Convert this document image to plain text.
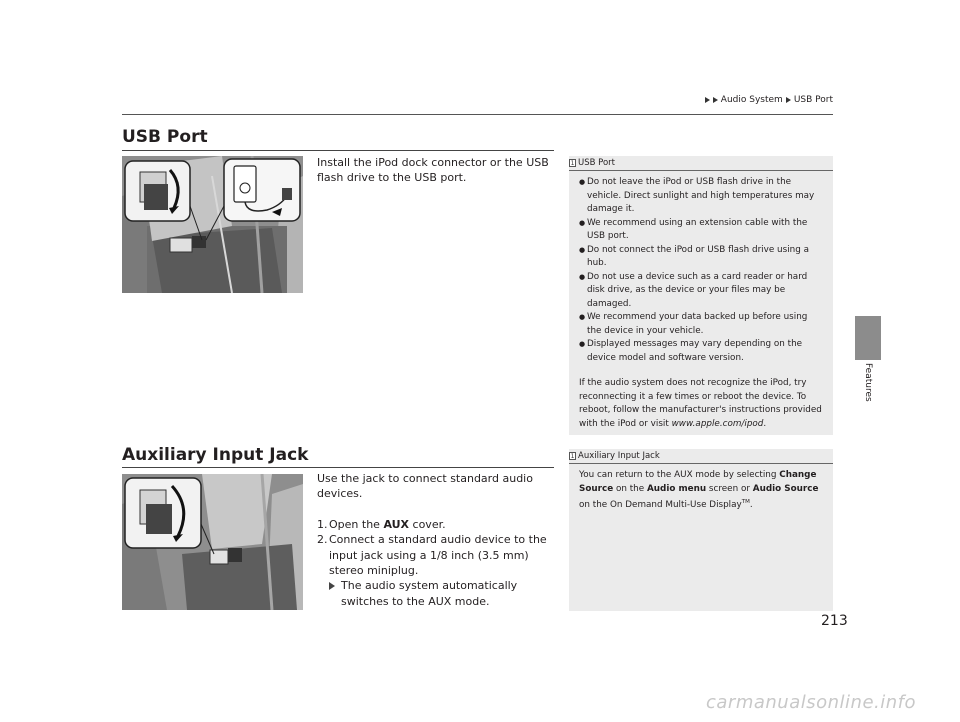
Audio System USB Port
Features
USB Port
Install the iPod dock connector or the USB flash drive to the USB port.
1 USB Port
● Do not leave the iPod or USB flash drive in the vehicle. Direct sunlight and high temperatures may damage it.
● We recommend using an extension cable with the USB port.
● Do not connect the iPod or USB flash drive using a hub.
● Do not use a device such as a card reader or hard disk drive, as the device or your files may be damaged.
● We recommend your data backed up before using the device in your vehicle.
● Displayed messages may vary depending on the device model and software version.
If the audio system does not recognize the iPod, try reconnecting it a few times or reboot the device. To reboot, follow the manufacturer's instructions provided with the iPod or visit www.apple.com/ipod.
Auxiliary Input Jack
Use the jack to connect standard audio devices.
1. Open the AUX cover.
2. Connect a standard audio device to the input jack using a 1/8 inch (3.5 mm) stereo miniplug.
The audio system automatically switches to the AUX mode.
1 Auxiliary Input Jack
You can return to the AUX mode by selecting Change Source on the Audio menu screen or Audio Source on the On Demand Multi-Use Display™.
213
carmanualsonline.info
